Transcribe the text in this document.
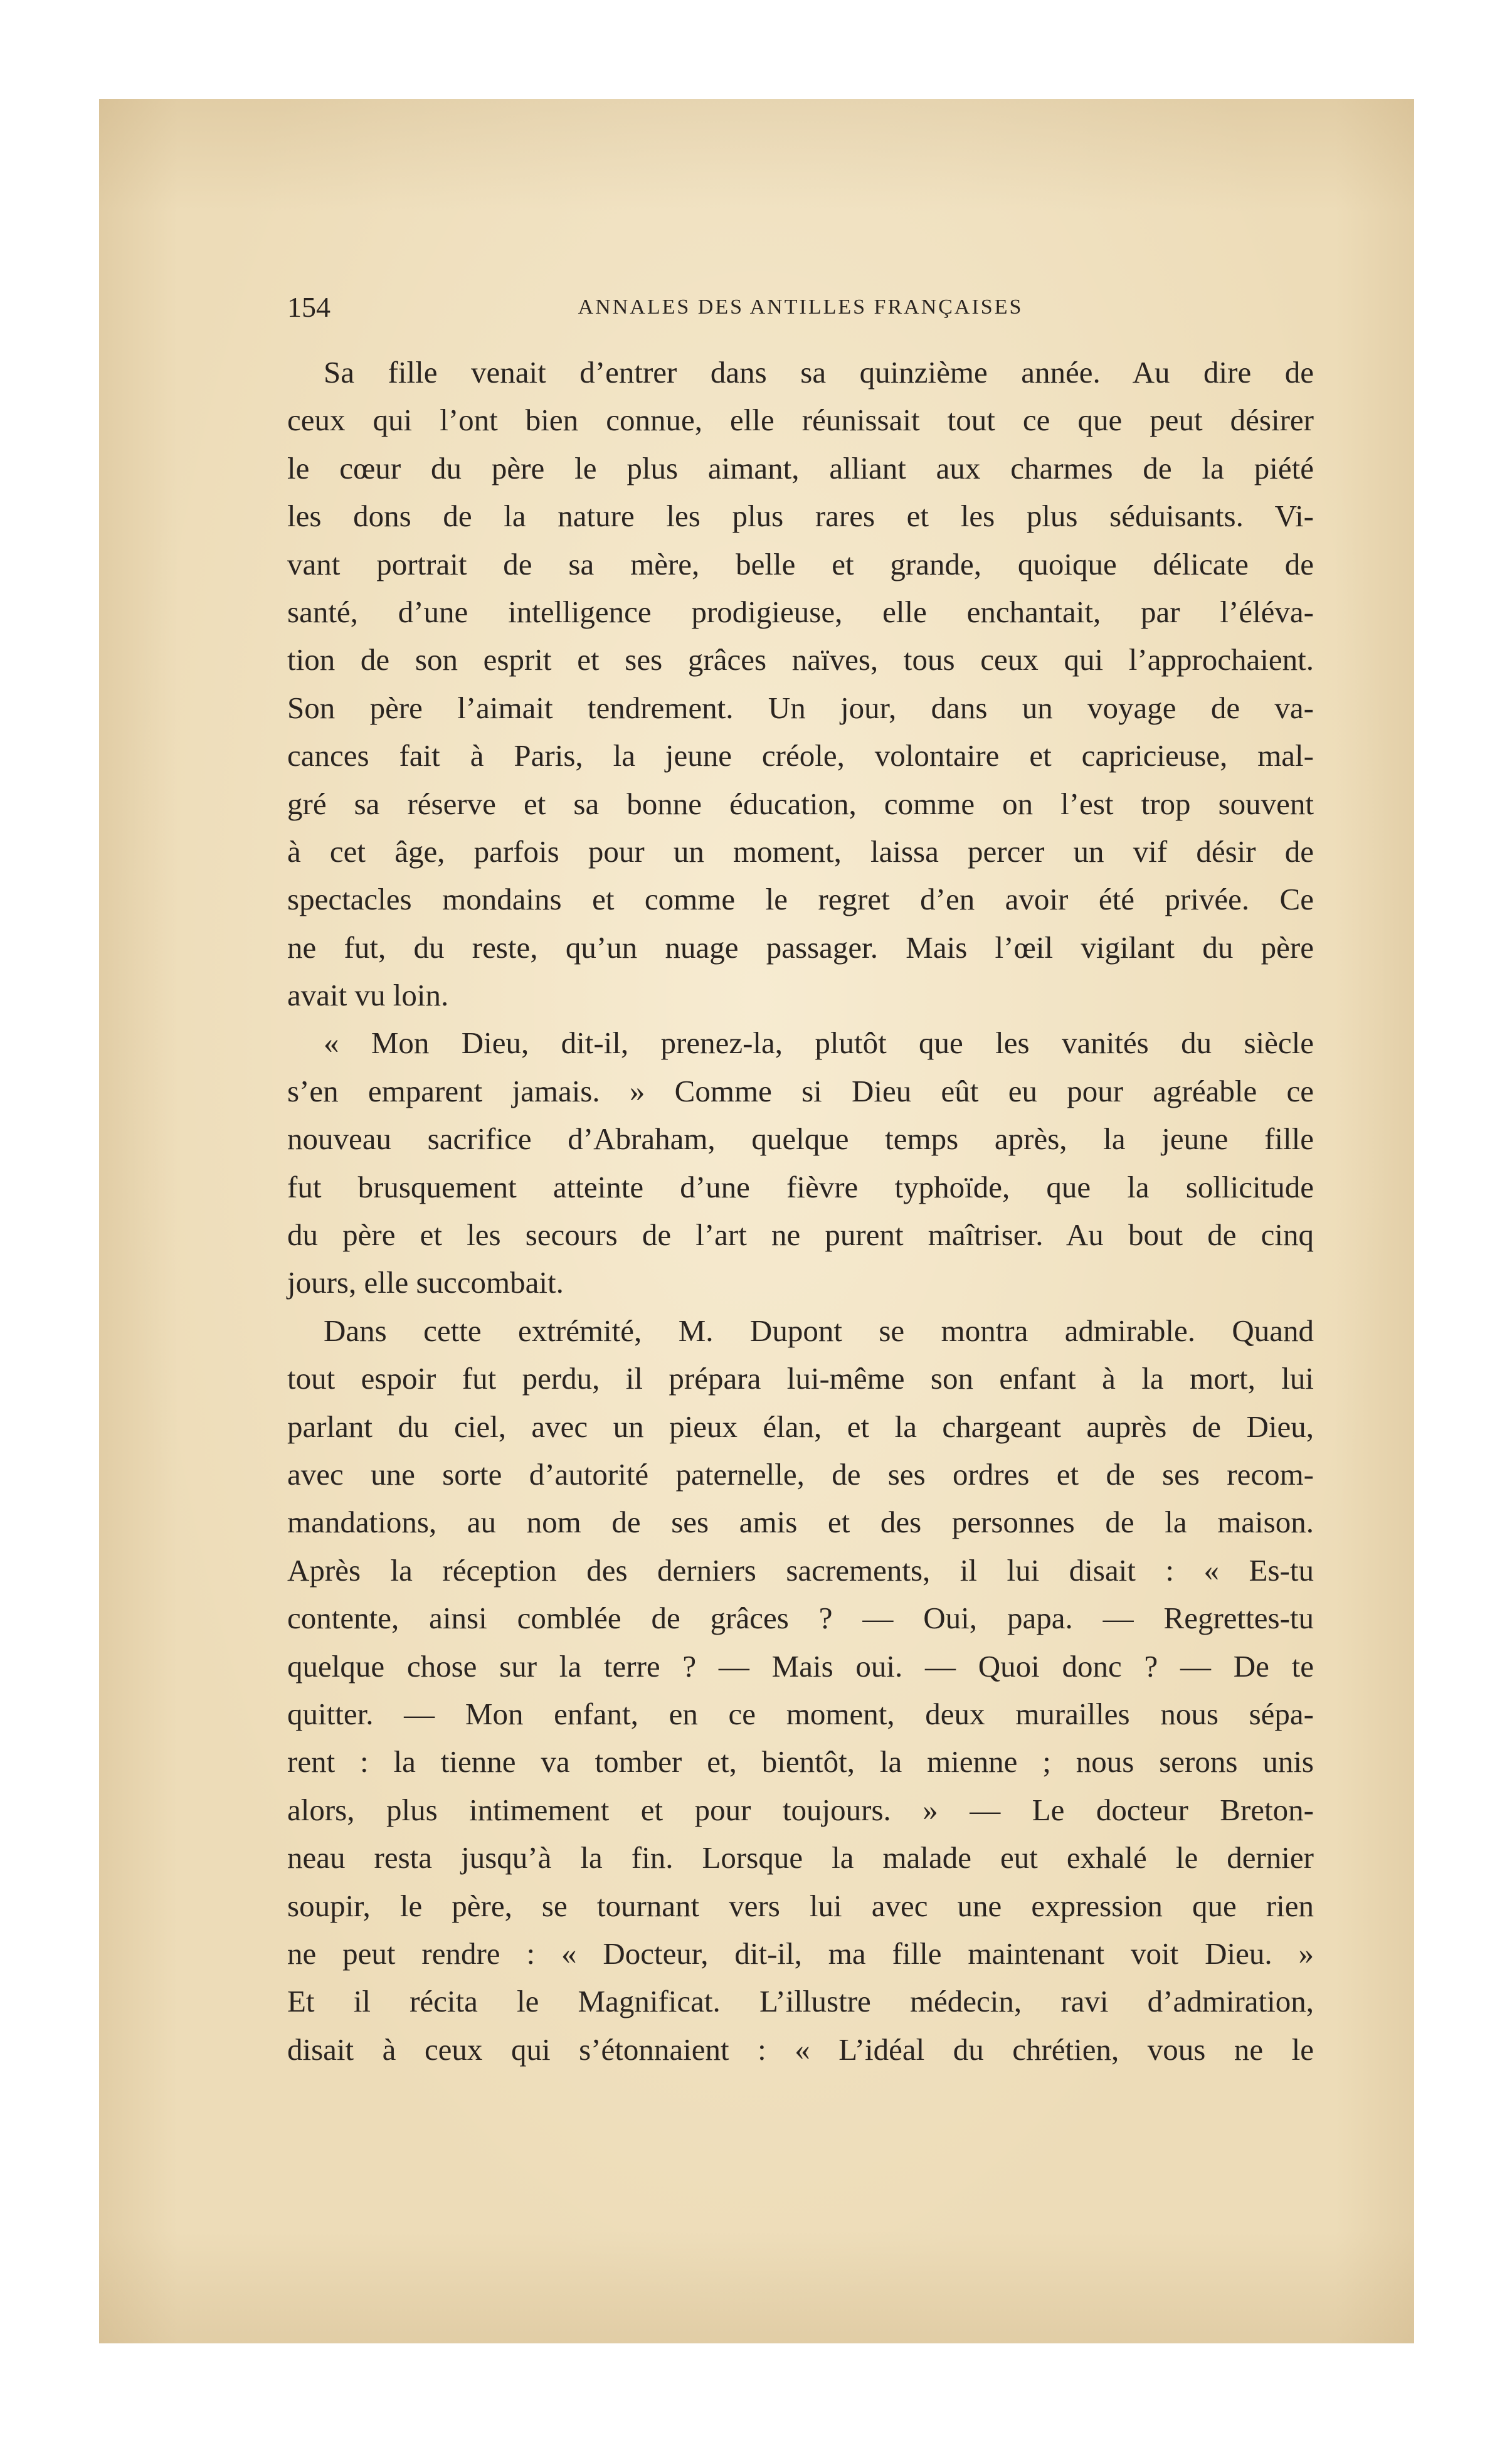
154	ANNALES DES ANTILLES FRANÇAISES
Sa fille venait d’entrer dans sa quinzième année. Au dire de
ceux qui l’ont bien connue, elle réunissait tout ce que peut désirer
le cœur du père le plus aimant, alliant aux charmes de la piété
les dons de la nature les plus rares et les plus séduisants. Vi-
vant portrait de sa mère, belle et grande, quoique délicate de
santé, d’une intelligence prodigieuse, elle enchantait, par l’éléva-
tion de son esprit et ses grâces naïves, tous ceux qui l’approchaient.
Son père l’aimait tendrement. Un jour, dans un voyage de va-
cances fait à Paris, la jeune créole, volontaire et capricieuse, mal-
gré sa réserve et sa bonne éducation, comme on l’est trop souvent
à cet âge, parfois pour un moment, laissa percer un vif désir de
spectacles mondains et comme le regret d’en avoir été privée. Ce
ne fut, du reste, qu’un nuage passager. Mais l’œil vigilant du père
avait vu loin.
« Mon Dieu, dit-il, prenez-la, plutôt que les vanités du siècle
s’en emparent jamais. » Comme si Dieu eût eu pour agréable ce
nouveau sacrifice d’Abraham, quelque temps après, la jeune fille
fut brusquement atteinte d’une fièvre typhoïde, que la sollicitude
du père et les secours de l’art ne purent maîtriser. Au bout de cinq
jours, elle succombait.
Dans cette extrémité, M. Dupont se montra admirable. Quand
tout espoir fut perdu, il prépara lui-même son enfant à la mort, lui
parlant du ciel, avec un pieux élan, et la chargeant auprès de Dieu,
avec une sorte d’autorité paternelle, de ses ordres et de ses recom-
mandations, au nom de ses amis et des personnes de la maison.
Après la réception des derniers sacrements, il lui disait : « Es-tu
contente, ainsi comblée de grâces ? — Oui, papa. — Regrettes-tu
quelque chose sur la terre ? — Mais oui. — Quoi donc ? — De te
quitter. — Mon enfant, en ce moment, deux murailles nous sépa-
rent : la tienne va tomber et, bientôt, la mienne ; nous serons unis
alors, plus intimement et pour toujours. » — Le docteur Breton-
neau resta jusqu’à la fin. Lorsque la malade eut exhalé le dernier
soupir, le père, se tournant vers lui avec une expression que rien
ne peut rendre : « Docteur, dit-il, ma fille maintenant voit Dieu. »
Et il récita le Magnificat. L’illustre médecin, ravi d’admiration,
disait à ceux qui s’étonnaient : « L’idéal du chrétien, vous ne le
